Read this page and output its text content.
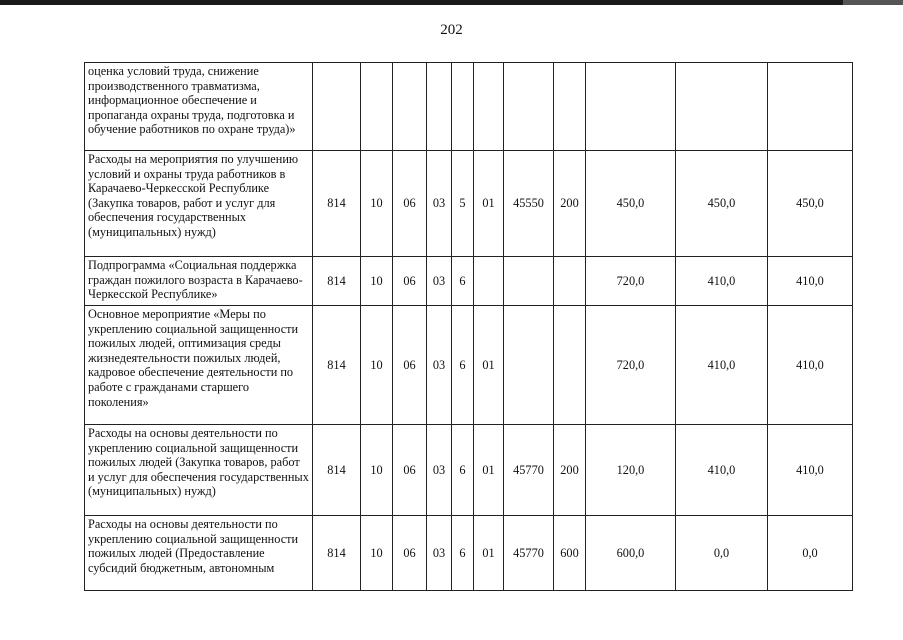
202
оценка условий труда, снижение производственного травматизма, информационное обеспечение и пропаганда охраны труда, подготовка и обучение работников по охране труда)»											
Расходы на мероприятия по улучшению условий и охраны труда работников в Карачаево-Черкесской Республике (Закупка товаров, работ и услуг для обеспечения государственных (муниципальных) нужд)	814	10	06	03	5	01	45550	200	450,0	450,0	450,0
Подпрограмма «Социальная поддержка граждан пожилого возраста в Карачаево-Черкесской Республике»	814	10	06	03	6				720,0	410,0	410,0
Основное мероприятие «Меры по укреплению социальной защищенности пожилых людей, оптимизация среды жизнедеятельности пожилых людей, кадровое обеспечение деятельности по работе с гражданами старшего поколения»	814	10	06	03	6	01			720,0	410,0	410,0
Расходы на основы деятельности по укреплению социальной защищенности пожилых людей (Закупка товаров, работ и услуг для обеспечения государственных (муниципальных) нужд)	814	10	06	03	6	01	45770	200	120,0	410,0	410,0

Расходы на основы деятельности по укреплению социальной защищенности пожилых людей (Предоставление субсидий бюджетным, автономным	814	10	06	03	6	01	45770	600	600,0	0,0	0,0
